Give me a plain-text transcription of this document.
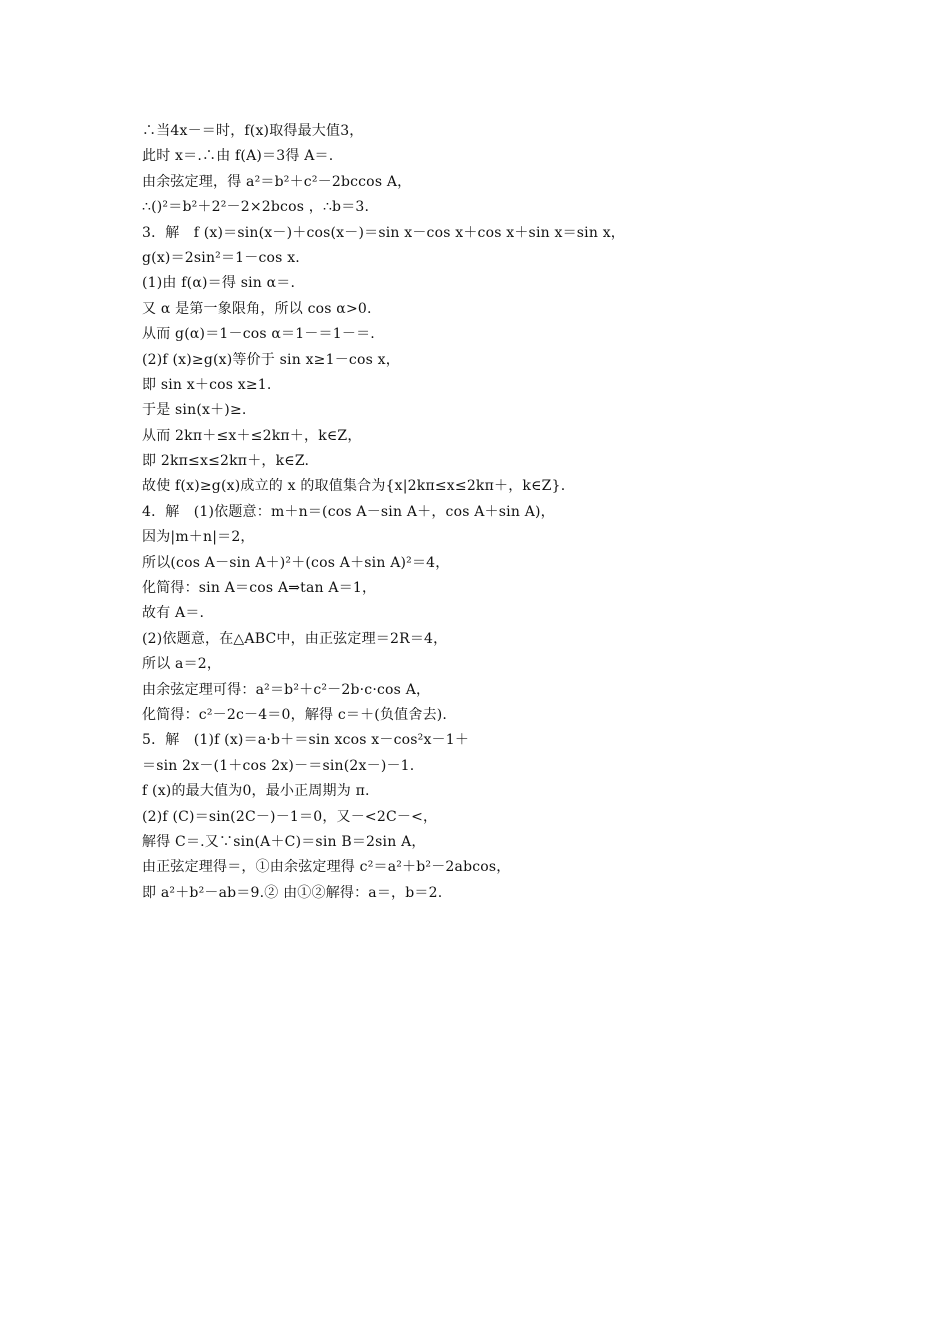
∴当4x－＝时，f(x)取得最大值3，
此时 x＝.∴由 f(A)＝3得 A＝.
由余弦定理，得 a²＝b²＋c²－2bccos A，
∴()²＝b²＋2²－2×2bcos ，∴b＝3.
3．解　f (x)＝sin(x－)＋cos(x－)＝sin x－cos x＋cos x＋sin x＝sin x，
g(x)＝2sin²＝1－cos x.
(1)由 f(α)＝得 sin α＝.
又 α 是第一象限角，所以 cos α>0.
从而 g(α)＝1－cos α＝1－＝1－＝.
(2)f (x)≥g(x)等价于 sin x≥1－cos x，
即 sin x＋cos x≥1.
于是 sin(x＋)≥.
从而 2kπ＋≤x＋≤2kπ＋，k∈Z，
即 2kπ≤x≤2kπ＋，k∈Z.
故使 f(x)≥g(x)成立的 x 的取值集合为{x|2kπ≤x≤2kπ＋，k∈Z}.
4．解　(1)依题意：m＋n＝(cos A－sin A＋，cos A＋sin A)，
因为|m＋n|＝2，
所以(cos A－sin A＋)²＋(cos A＋sin A)²＝4，
化简得：sin A＝cos A⇒tan A＝1，
故有 A＝.
(2)依题意，在△ABC中，由正弦定理＝2R＝4，
所以 a＝2，
由余弦定理可得：a²＝b²＋c²－2b·c·cos A，
化简得：c²－2c－4＝0，解得 c＝＋(负值舍去).
5．解　(1)f (x)＝a·b＋＝sin xcos x－cos²x－1＋
＝sin 2x－(1＋cos 2x)－＝sin(2x－)－1.
f (x)的最大值为0，最小正周期为 π.
(2)f (C)＝sin(2C－)－1＝0，又－<2C－<，
解得 C＝.又∵sin(A＋C)＝sin B＝2sin A，
由正弦定理得＝，①由余弦定理得 c²＝a²＋b²－2abcos，
即 a²＋b²－ab＝9.② 由①②解得：a＝，b＝2.
